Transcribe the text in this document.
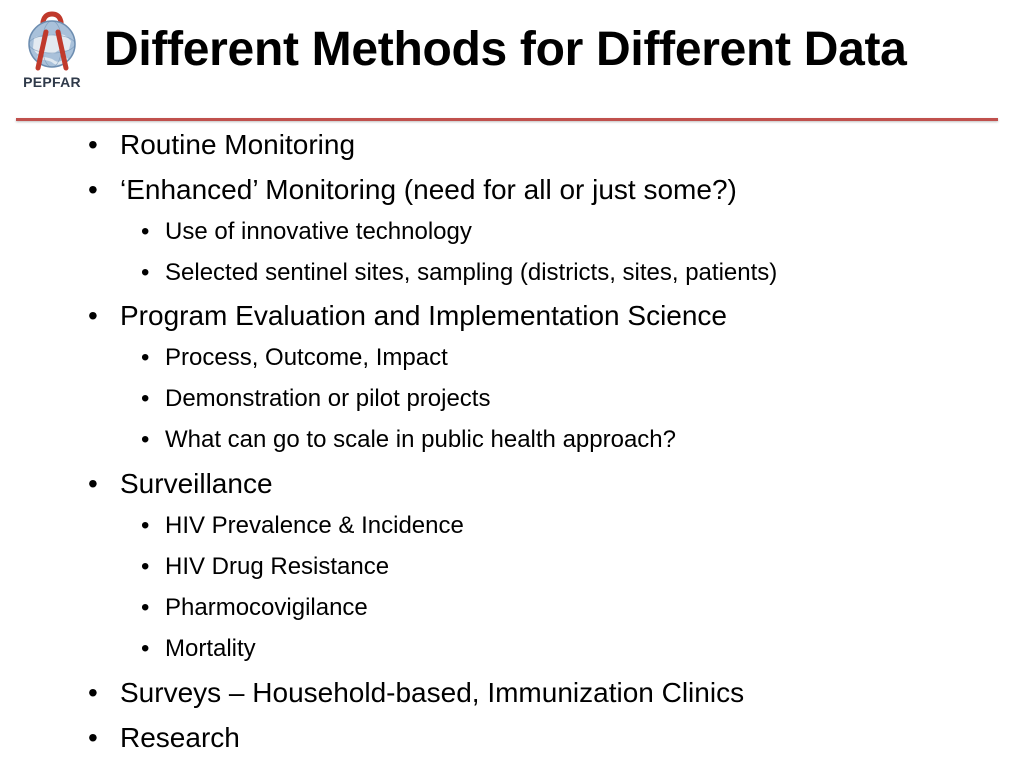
PEPFAR
Different Methods for Different Data
• Routine Monitoring
• ‘Enhanced’ Monitoring (need for all or just some?)
• Use of innovative technology
• Selected sentinel sites, sampling (districts, sites, patients)
• Program Evaluation and Implementation Science
• Process, Outcome, Impact
• Demonstration or pilot projects
• What can go to scale in public health approach?
• Surveillance
• HIV Prevalence & Incidence
• HIV Drug Resistance
• Pharmocovigilance
• Mortality
• Surveys – Household-based, Immunization Clinics
• Research
